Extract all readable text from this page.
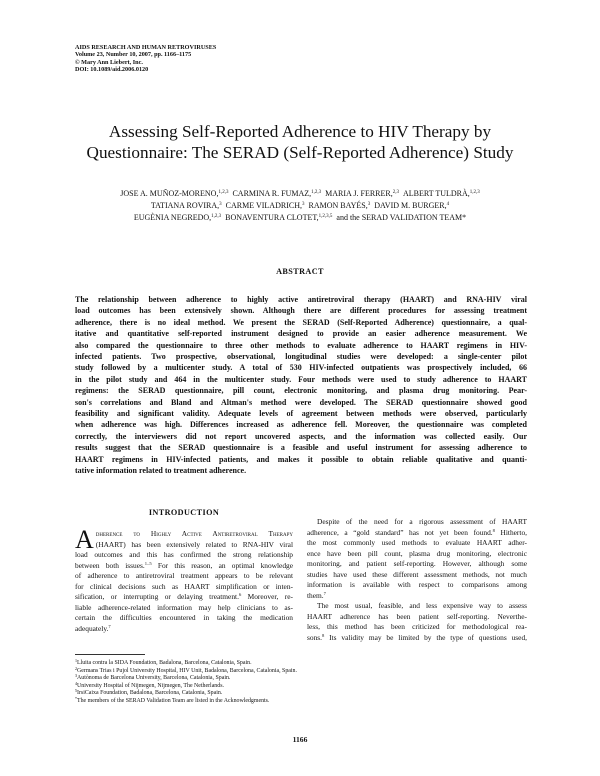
AIDS RESEARCH AND HUMAN RETROVIRUSES
Volume 23, Number 10, 2007, pp. 1166–1175
© Mary Ann Liebert, Inc.
DOI: 10.1089/aid.2006.0120
Assessing Self-Reported Adherence to HIV Therapy by
Questionnaire: The SERAD (Self-Reported Adherence) Study
JOSE A. MUÑOZ-MORENO,$^{1,2,3}$ CARMINA R. FUMAZ,$^{1,2,3}$ MARIA J. FERRER,$^{2,3}$ ALBERT TULDRÀ,$^{1,2,3}$
TATIANA ROVIRA,$^3$ CARME VILADRICH,$^3$ RAMON BAYÉS,$^3$ DAVID M. BURGER,$^4$
EUGÈNIA NEGREDO,$^{1,2,3}$ BONAVENTURA CLOTET,$^{1,2,3,5}$ and the SERAD VALIDATION TEAM*
ABSTRACT
The relationship between adherence to highly active antiretroviral therapy (HAART) and RNA-HIV viral
load outcomes has been extensively shown. Although there are different procedures for assessing treatment
adherence, there is no ideal method. We present the SERAD (Self-Reported Adherence) questionnaire, a qual-
itative and quantitative self-reported instrument designed to provide an easier adherence measurement. We
also compared the questionnaire to three other methods to evaluate adherence to HAART regimens in HIV-
infected patients. Two prospective, observational, longitudinal studies were developed: a single-center pilot
study followed by a multicenter study. A total of 530 HIV-infected outpatients was prospectively included, 66
in the pilot study and 464 in the multicenter study. Four methods were used to study adherence to HAART
regimens: the SERAD questionnaire, pill count, electronic monitoring, and plasma drug monitoring. Pear-
son's correlations and Bland and Altman's method were developed. The SERAD questionnaire showed good
feasibility and significant validity. Adequate levels of agreement between methods were observed, particularly
when adherence was high. Differences increased as adherence fell. Moreover, the questionnaire was completed
correctly, the interviewers did not report uncovered aspects, and the information was collected easily. Our
results suggest that the SERAD questionnaire is a feasible and useful instrument for assessing adherence to
HAART regimens in HIV-infected patients, and makes it possible to obtain reliable qualitative and quanti-
tative information related to treatment adherence.
INTRODUCTION
A dherence to Highly Active Antiretroviral Therapy
(HAART) has been extensively related to RNA-HIV viral
load outcomes and this has confirmed the strong relationship
between both issues.$^{1-5}$ For this reason, an optimal knowledge
of adherence to antiretroviral treatment appears to be relevant
for clinical decisions such as HAART simplification or inten-
sification, or interrupting or delaying treatment.$^6$ Moreover, re-
liable adherence-related information may help clinicians to as-
certain the difficulties encountered in taking the medication
adequately.$^7$
Despite of the need for a rigorous assessment of HAART
adherence, a “gold standard” has not yet been found.$^8$ Hitherto,
the most commonly used methods to evaluate HAART adher-
ence have been pill count, plasma drug monitoring, electronic
monitoring, and patient self-reporting. However, although some
studies have used these different assessment methods, not much
information is available with respect to comparisons among
them.$^7$
The most usual, feasible, and less expensive way to assess
HAART adherence has been patient self-reporting. Neverthe-
less, this method has been criticized for methodological rea-
sons.$^8$ Its validity may be limited by the type of questions used,
$^1$Lluita contra la SIDA Foundation, Badalona, Barcelona, Catalonia, Spain.
$^2$Germans Trias i Pujol University Hospital, HIV Unit, Badalona, Barcelona, Catalonia, Spain.
$^3$Autònoma de Barcelona University, Barcelona, Catalonia, Spain.
$^4$University Hospital of Nijmegen, Nijmegen, The Netherlands.
$^5$IrsiCaixa Foundation, Badalona, Barcelona, Catalonia, Spain.
*The members of the SERAD Validation Team are listed in the Acknowledgments.
1166
